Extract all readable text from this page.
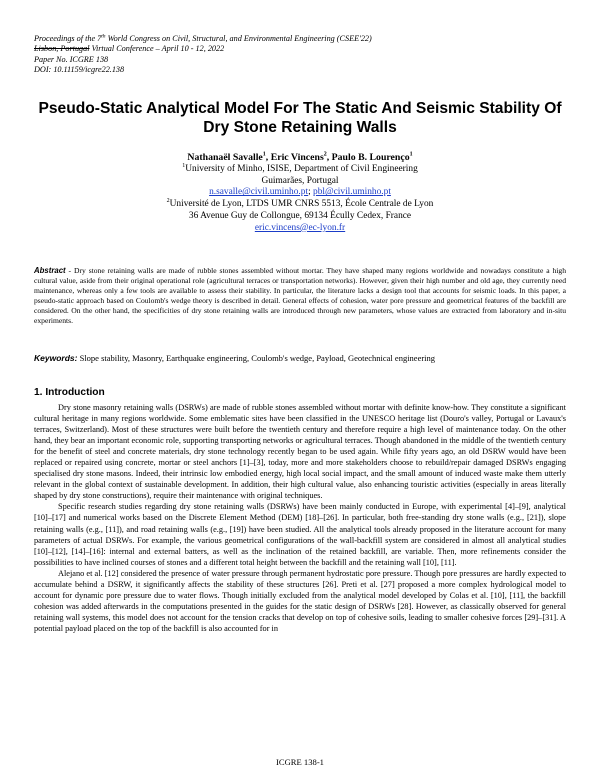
Proceedings of the 7th World Congress on Civil, Structural, and Environmental Engineering (CSEE'22)
Lisbon, Portugal Virtual Conference – April 10 - 12, 2022
Paper No. ICGRE 138
DOI: 10.11159/icgre22.138
Pseudo-Static Analytical Model For The Static And Seismic Stability Of Dry Stone Retaining Walls
Nathanaël Savalle$^1$, Eric Vincens$^2$, Paulo B. Lourenço$^1$
$^1$University of Minho, ISISE, Department of Civil Engineering
Guimarães, Portugal
n.savalle@civil.uminho.pt; pbl@civil.uminho.pt
$^2$Université de Lyon, LTDS UMR CNRS 5513, École Centrale de Lyon
36 Avenue Guy de Collongue, 69134 Écully Cedex, France
eric.vincens@ec-lyon.fr
Abstract - Dry stone retaining walls are made of rubble stones assembled without mortar. They have shaped many regions worldwide and nowadays constitute a high cultural value, aside from their original operational role (agricultural terraces or transportation networks). However, given their high number and old age, they currently need maintenance, whereas only a few tools are available to assess their stability. In particular, the literature lacks a design tool that accounts for seismic loads. In this paper, a pseudo-static approach based on Coulomb's wedge theory is described in detail. General effects of cohesion, water pore pressure and geometrical features of the backfill are considered. On the other hand, the specificities of dry stone retaining walls are introduced through new parameters, whose values are extracted from laboratory and in-situ experiments.
Keywords: Slope stability, Masonry, Earthquake engineering, Coulomb's wedge, Payload, Geotechnical engineering
1. Introduction

Dry stone masonry retaining walls (DSRWs) are made of rubble stones assembled without mortar with definite know-how. They constitute a significant cultural heritage in many regions worldwide. Some emblematic sites have been classified in the UNESCO heritage list (Douro's valley, Portugal or Lavaux's terraces, Switzerland). Most of these structures were built before the twentieth century and therefore require a high level of maintenance today. On the other hand, they bear an important economic role, supporting transporting networks or agricultural terraces. Though abandoned in the middle of the twentieth century for the benefit of steel and concrete materials, dry stone technology recently began to be used again. While fifty years ago, an old DSRW would have been replaced or repaired using concrete, mortar or steel anchors [1]–[3], today, more and more stakeholders choose to rebuild/repair damaged DSRWs engaging specialised dry stone masons. Indeed, their intrinsic low embodied energy, high local social impact, and the small amount of induced waste make them utterly relevant in the global context of sustainable development. In addition, their high cultural value, also enhancing touristic activities (especially in areas literally shaped by dry stone constructions), require their maintenance with original techniques.

Specific research studies regarding dry stone retaining walls (DSRWs) have been mainly conducted in Europe, with experimental [4]–[9], analytical [10]–[17] and numerical works based on the Discrete Element Method (DEM) [18]–[26]. In particular, both free-standing dry stone walls (e.g., [21]), slope retaining walls (e.g., [11]), and road retaining walls (e.g., [19]) have been studied. All the analytical tools already proposed in the literature account for many parameters of actual DSRWs. For example, the various geometrical configurations of the wall-backfill system are considered in almost all analytical studies [10]–[12], [14]–[16]: internal and external batters, as well as the inclination of the retained backfill, are variable. Then, more refinements consider the possibilities to have inclined courses of stones and a different total height between the backfill and the retaining wall [10], [11].

Alejano et al. [12] considered the presence of water pressure through permanent hydrostatic pore pressure. Though pore pressures are hardly expected to accumulate behind a DSRW, it significantly affects the stability of these structures [26]. Preti et al. [27] proposed a more complex hydrological model to account for dynamic pore pressure due to water flows. Though initially excluded from the analytical model developed by Colas et al. [10], [11], the backfill cohesion was added afterwards in the computations presented in the guides for the static design of DSRWs [28]. However, as classically observed for general retaining wall systems, this model does not account for the tension cracks that develop on top of cohesive soils, leading to smaller cohesive forces [29]–[31]. A potential payload placed on the top of the backfill is also accounted for in

ICGRE 138-1
